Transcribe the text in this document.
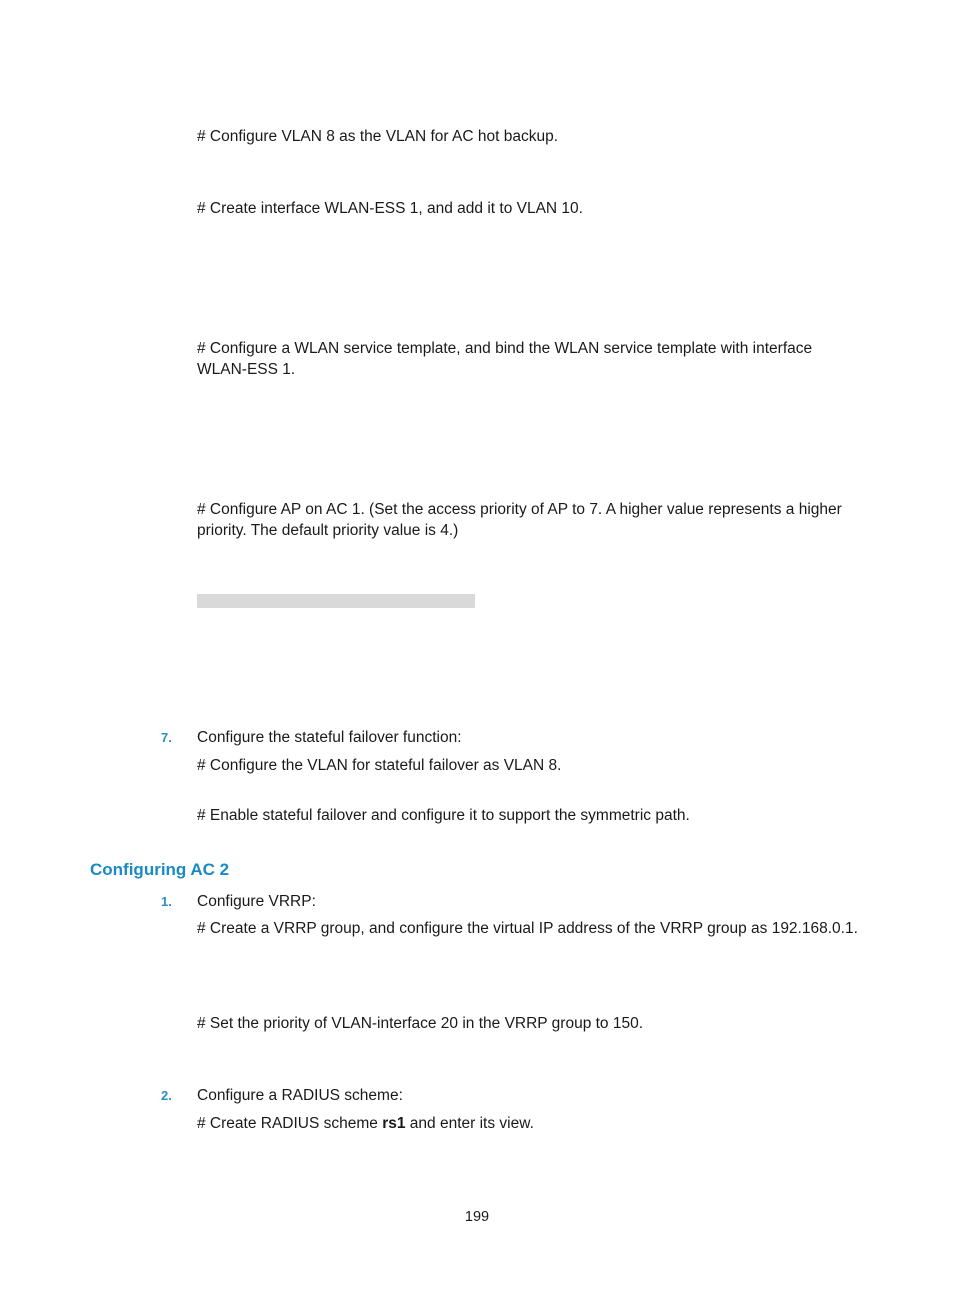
# Configure VLAN 8 as the VLAN for AC hot backup.
# Create interface WLAN-ESS 1, and add it to VLAN 10.
# Configure a WLAN service template, and bind the WLAN service template with interface
WLAN-ESS 1.
# Configure AP on AC 1. (Set the access priority of AP to 7. A higher value represents a higher
priority. The default priority value is 4.)
7. Configure the stateful failover function:
# Configure the VLAN for stateful failover as VLAN 8.
# Enable stateful failover and configure it to support the symmetric path.
Configuring AC 2
1. Configure VRRP:
# Create a VRRP group, and configure the virtual IP address of the VRRP group as 192.168.0.1.
# Set the priority of VLAN-interface 20 in the VRRP group to 150.
2. Configure a RADIUS scheme:
# Create RADIUS scheme rs1 and enter its view.
199
